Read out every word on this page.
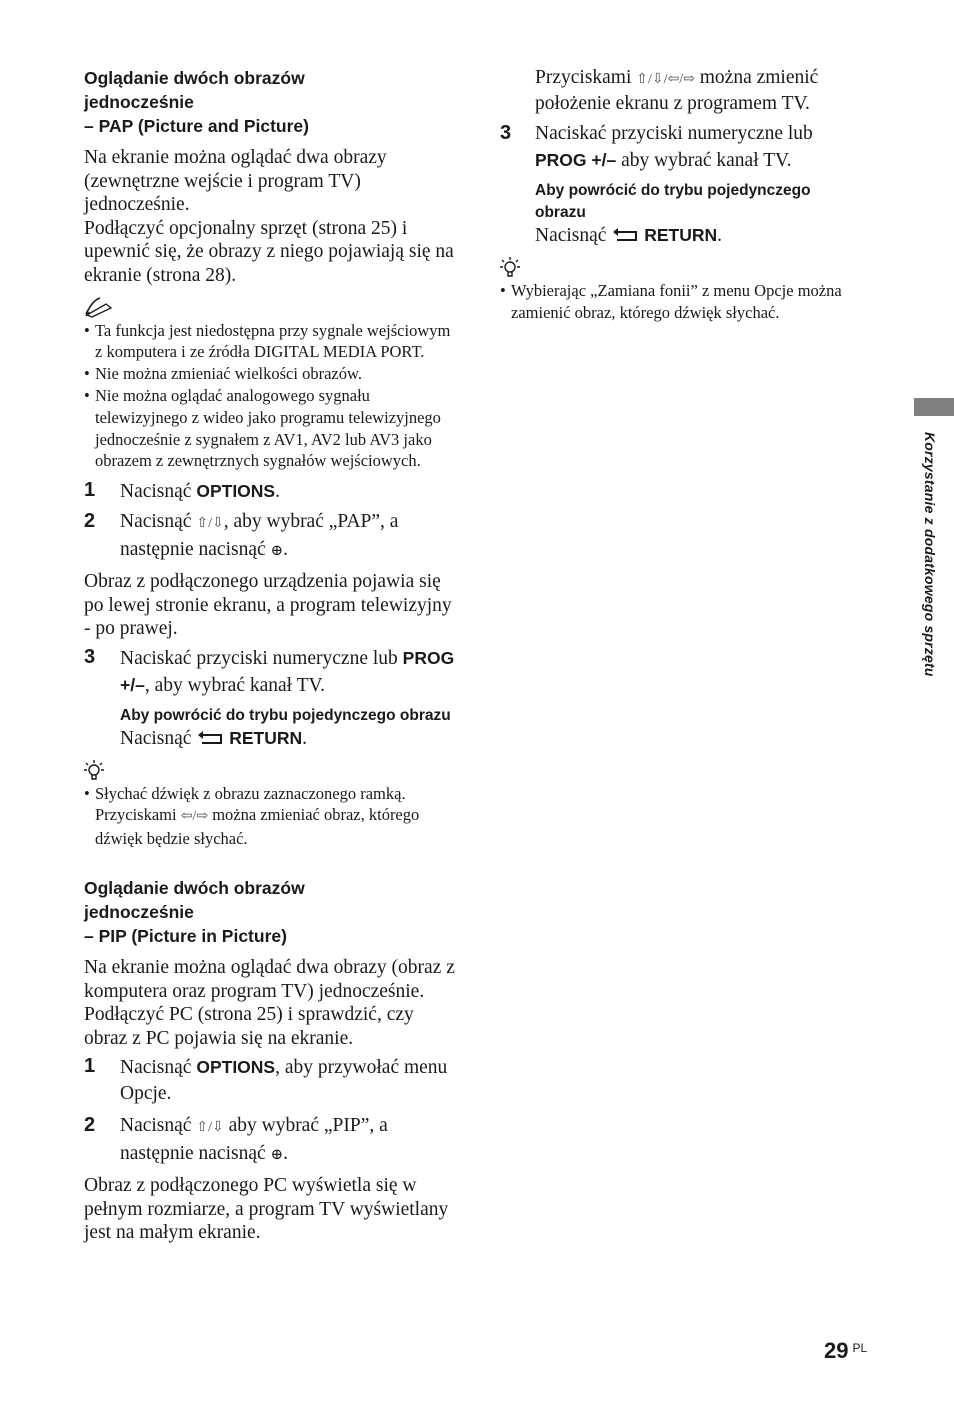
Oglądanie dwóch obrazów
jednocześnie
– PAP (Picture and Picture)

Na ekranie można oglądać dwa obrazy (zewnętrzne wejście i program TV) jednocześnie.

Podłączyć opcjonalny sprzęt (strona 25) i upewnić się, że obrazy z niego pojawiają się na ekranie (strona 28).

• Ta funkcja jest niedostępna przy sygnale wejściowym z komputera i ze źródła DIGITAL MEDIA PORT.
• Nie można zmieniać wielkości obrazów.
• Nie można oglądać analogowego sygnału telewizyjnego z wideo jako programu telewizyjnego jednocześnie z sygnałem z AV1, AV2 lub AV3 jako obrazem z zewnętrznych sygnałów wejściowych.
1	Nacisnąć OPTIONS.
2	Nacisnąć ⇧/⇩, aby wybrać „PAP”, a następnie nacisnąć ⊕.

Obraz z podłączonego urządzenia pojawia się po lewej stronie ekranu, a program telewizyjny - po prawej.

3	Naciskać przyciski numeryczne lub PROG +/–, aby wybrać kanał TV.
Aby powrócić do trybu pojedynczego obrazu

Nacisnąć  RETURN.

• Słychać dźwięk z obrazu zaznaczonego ramką. Przyciskami ⇦/⇨ można zmieniać obraz, którego dźwięk będzie słychać.
Oglądanie dwóch obrazów
jednocześnie
– PIP (Picture in Picture)

Na ekranie można oglądać dwa obrazy (obraz z komputera oraz program TV) jednocześnie.

Podłączyć PC (strona 25) i sprawdzić, czy obraz z PC pojawia się na ekranie.

1	Nacisnąć OPTIONS, aby przywołać menu Opcje.
2	Nacisnąć ⇧/⇩ aby wybrać „PIP”, a następnie nacisnąć ⊕.

Obraz z podłączonego PC wyświetla się w pełnym rozmiarze, a program TV wyświetlany jest na małym ekranie.

Przyciskami ⇧/⇩/⇦/⇨ można zmienić położenie ekranu z programem TV.

3	Naciskać przyciski numeryczne lub PROG +/– aby wybrać kanał TV.
Aby powrócić do trybu pojedynczego obrazu

Nacisnąć  RETURN.

• Wybierając „Zamiana fonii” z menu Opcje można zamienić obraz, którego dźwięk słychać.
Korzystanie z dodatkowego sprzętu
29 $^{PL}$
